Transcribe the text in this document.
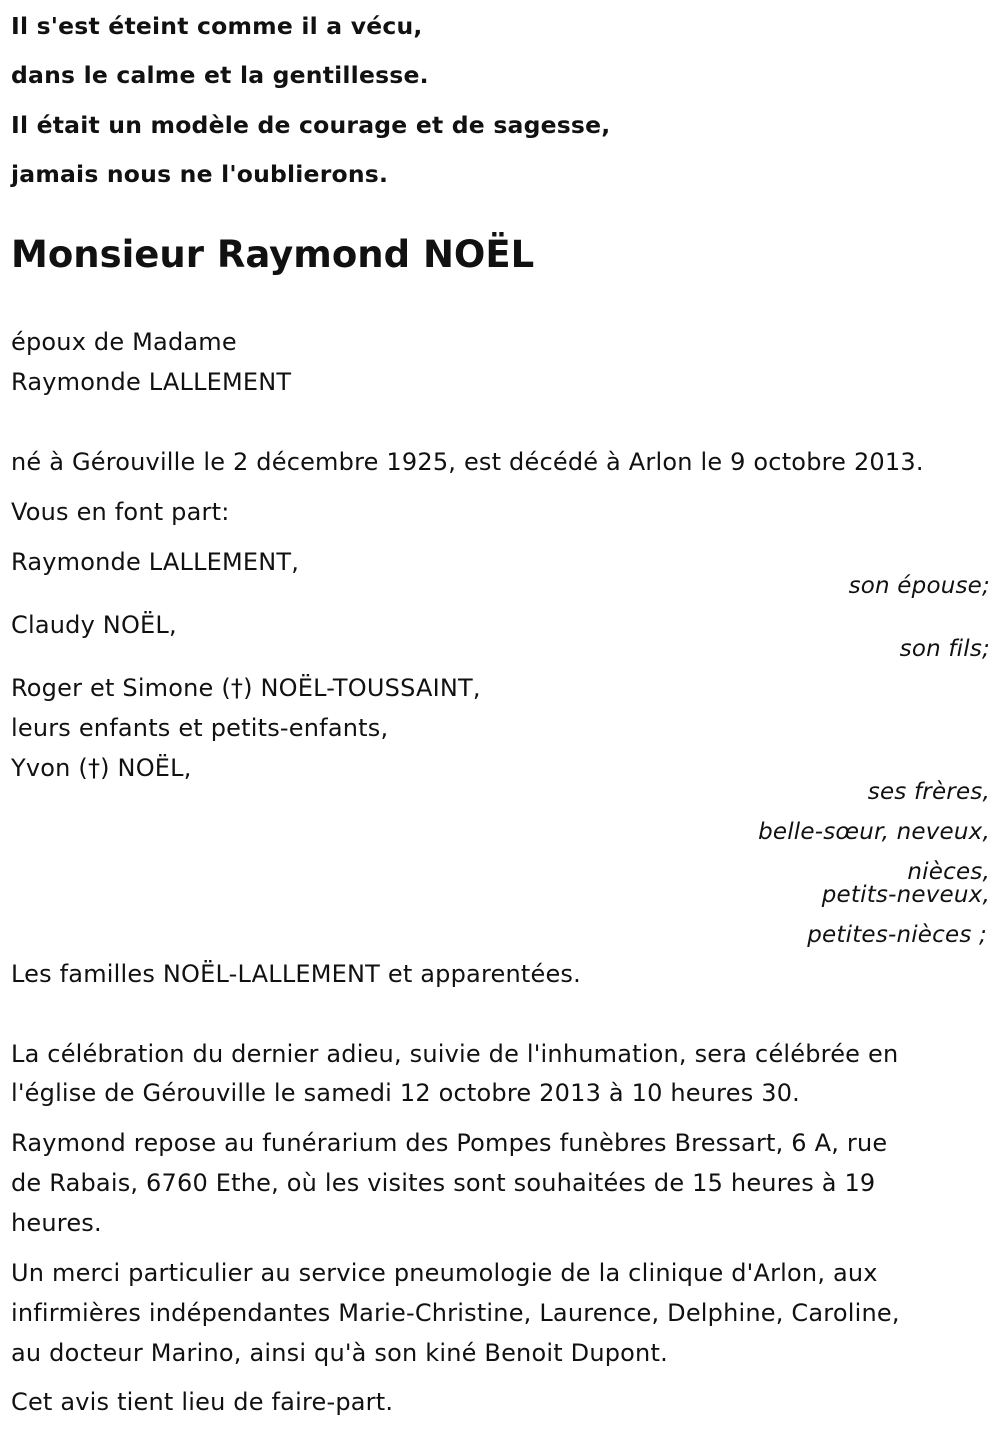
Il s'est éteint comme il a vécu,
dans le calme et la gentillesse.
Il était un modèle de courage et de sagesse,
jamais nous ne l'oublierons.
Monsieur Raymond NOËL
époux de Madame
Raymonde LALLEMENT
né à Gérouville le 2 décembre 1925, est décédé à Arlon le 9 octobre 2013.
Vous en font part:
Raymonde LALLEMENT,
son épouse;
Claudy NOËL,
son fils;
Roger et Simone (†) NOËL-TOUSSAINT,
leurs enfants et petits-enfants,
Yvon (†) NOËL,
ses frères,
belle-sœur, neveux,
nièces,
petits-neveux,
petites-nièces ;
Les familles NOËL-LALLEMENT et apparentées.
La célébration du dernier adieu, suivie de l'inhumation, sera célébrée en
l'église de Gérouville le samedi 12 octobre 2013 à 10 heures 30.
Raymond repose au funérarium des Pompes funèbres Bressart, 6 A, rue
de Rabais, 6760 Ethe, où les visites sont souhaitées de 15 heures à 19
heures.
Un merci particulier au service pneumologie de la clinique d'Arlon, aux
infirmières indépendantes Marie-Christine, Laurence, Delphine, Caroline,
au docteur Marino, ainsi qu'à son kiné Benoit Dupont.
Cet avis tient lieu de faire-part.
